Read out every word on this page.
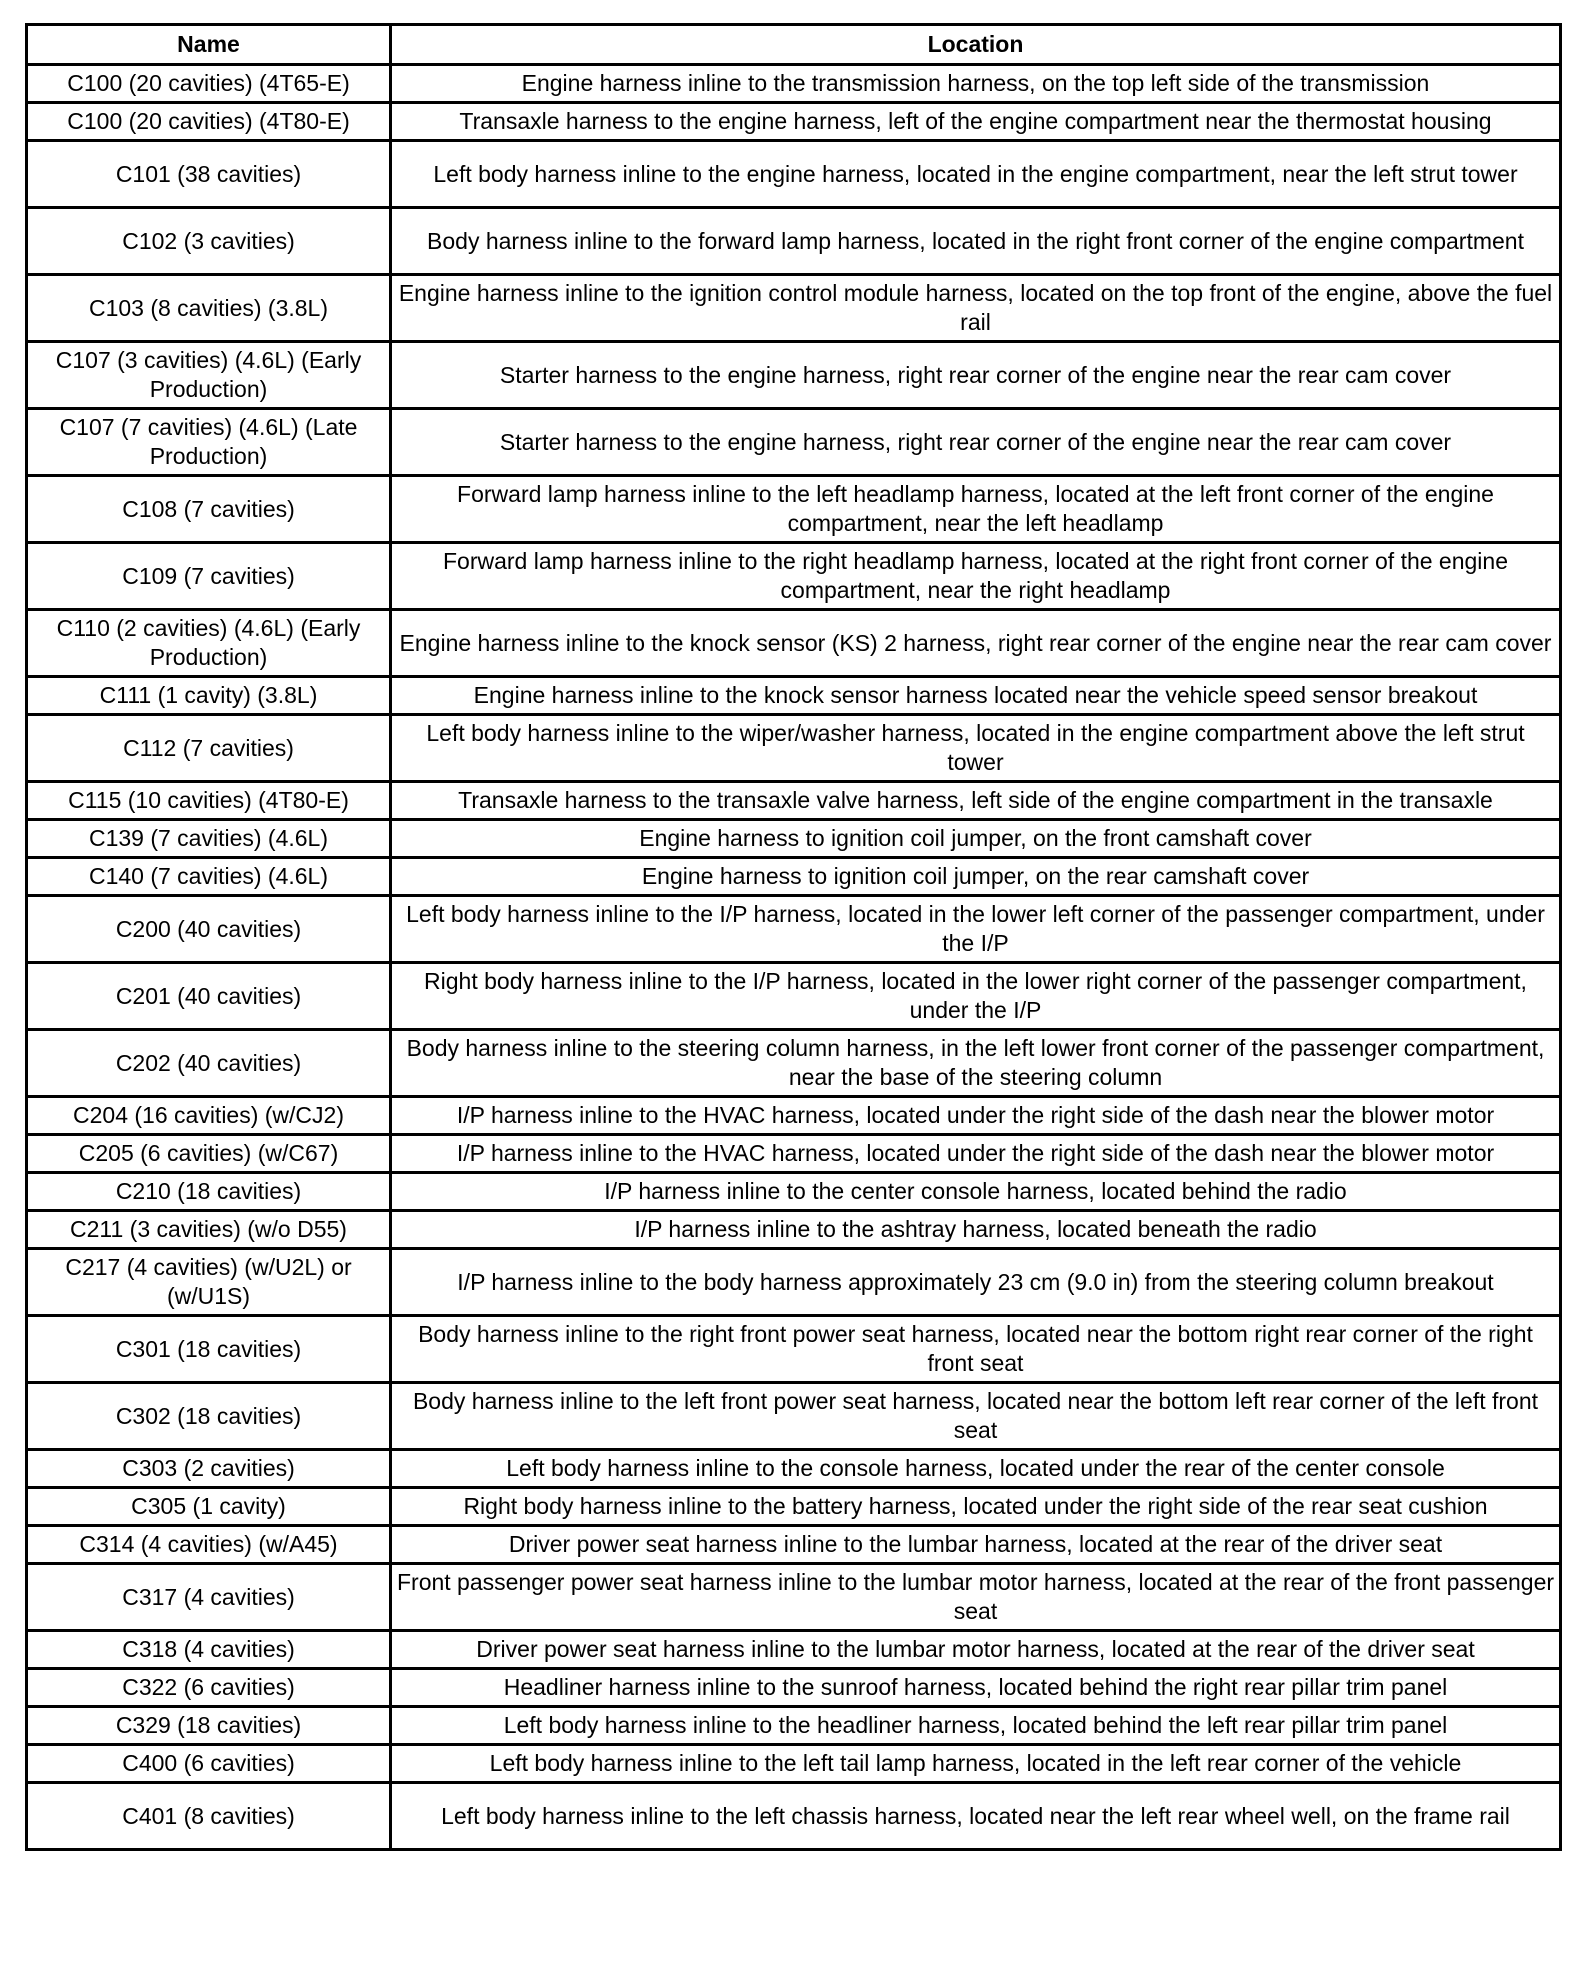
Name	Location
C100 (20 cavities) (4T65-E)	Engine harness inline to the transmission harness, on the top left side of the transmission
C100 (20 cavities) (4T80-E)	Transaxle harness to the engine harness, left of the engine compartment near the thermostat housing
C101 (38 cavities)	Left body harness inline to the engine harness, located in the engine compartment, near the left strut tower
C102 (3 cavities)	Body harness inline to the forward lamp harness, located in the right front corner of the engine compartment
C103 (8 cavities) (3.8L)	Engine harness inline to the ignition control module harness, located on the top front of the engine, above the fuel rail
C107 (3 cavities) (4.6L) (Early Production)	Starter harness to the engine harness, right rear corner of the engine near the rear cam cover
C107 (7 cavities) (4.6L) (Late Production)	Starter harness to the engine harness, right rear corner of the engine near the rear cam cover
C108 (7 cavities)	Forward lamp harness inline to the left headlamp harness, located at the left front corner of the engine compartment, near the left headlamp
C109 (7 cavities)	Forward lamp harness inline to the right headlamp harness, located at the right front corner of the engine compartment, near the right headlamp
C110 (2 cavities) (4.6L) (Early Production)	Engine harness inline to the knock sensor (KS) 2 harness, right rear corner of the engine near the rear cam cover
C111 (1 cavity) (3.8L)	Engine harness inline to the knock sensor harness located near the vehicle speed sensor breakout
C112 (7 cavities)	Left body harness inline to the wiper/washer harness, located in the engine compartment above the left strut tower
C115 (10 cavities) (4T80-E)	Transaxle harness to the transaxle valve harness, left side of the engine compartment in the transaxle
C139 (7 cavities) (4.6L)	Engine harness to ignition coil jumper, on the front camshaft cover
C140 (7 cavities) (4.6L)	Engine harness to ignition coil jumper, on the rear camshaft cover
C200 (40 cavities)	Left body harness inline to the I/P harness, located in the lower left corner of the passenger compartment, under the I/P
C201 (40 cavities)	Right body harness inline to the I/P harness, located in the lower right corner of the passenger compartment, under the I/P
C202 (40 cavities)	Body harness inline to the steering column harness, in the left lower front corner of the passenger compartment, near the base of the steering column
C204 (16 cavities) (w/CJ2)	I/P harness inline to the HVAC harness, located under the right side of the dash near the blower motor
C205 (6 cavities) (w/C67)	I/P harness inline to the HVAC harness, located under the right side of the dash near the blower motor
C210 (18 cavities)	I/P harness inline to the center console harness, located behind the radio
C211 (3 cavities) (w/o D55)	I/P harness inline to the ashtray harness, located beneath the radio
C217 (4 cavities) (w/U2L) or (w/U1S)	I/P harness inline to the body harness approximately 23 cm (9.0 in) from the steering column breakout
C301 (18 cavities)	Body harness inline to the right front power seat harness, located near the bottom right rear corner of the right front seat
C302 (18 cavities)	Body harness inline to the left front power seat harness, located near the bottom left rear corner of the left front seat
C303 (2 cavities)	Left body harness inline to the console harness, located under the rear of the center console
C305 (1 cavity)	Right body harness inline to the battery harness, located under the right side of the rear seat cushion
C314 (4 cavities) (w/A45)	Driver power seat harness inline to the lumbar harness, located at the rear of the driver seat
C317 (4 cavities)	Front passenger power seat harness inline to the lumbar motor harness, located at the rear of the front passenger seat
C318 (4 cavities)	Driver power seat harness inline to the lumbar motor harness, located at the rear of the driver seat
C322 (6 cavities)	Headliner harness inline to the sunroof harness, located behind the right rear pillar trim panel
C329 (18 cavities)	Left body harness inline to the headliner harness, located behind the left rear pillar trim panel
C400 (6 cavities)	Left body harness inline to the left tail lamp harness, located in the left rear corner of the vehicle
C401 (8 cavities)	Left body harness inline to the left chassis harness, located near the left rear wheel well, on the frame rail
